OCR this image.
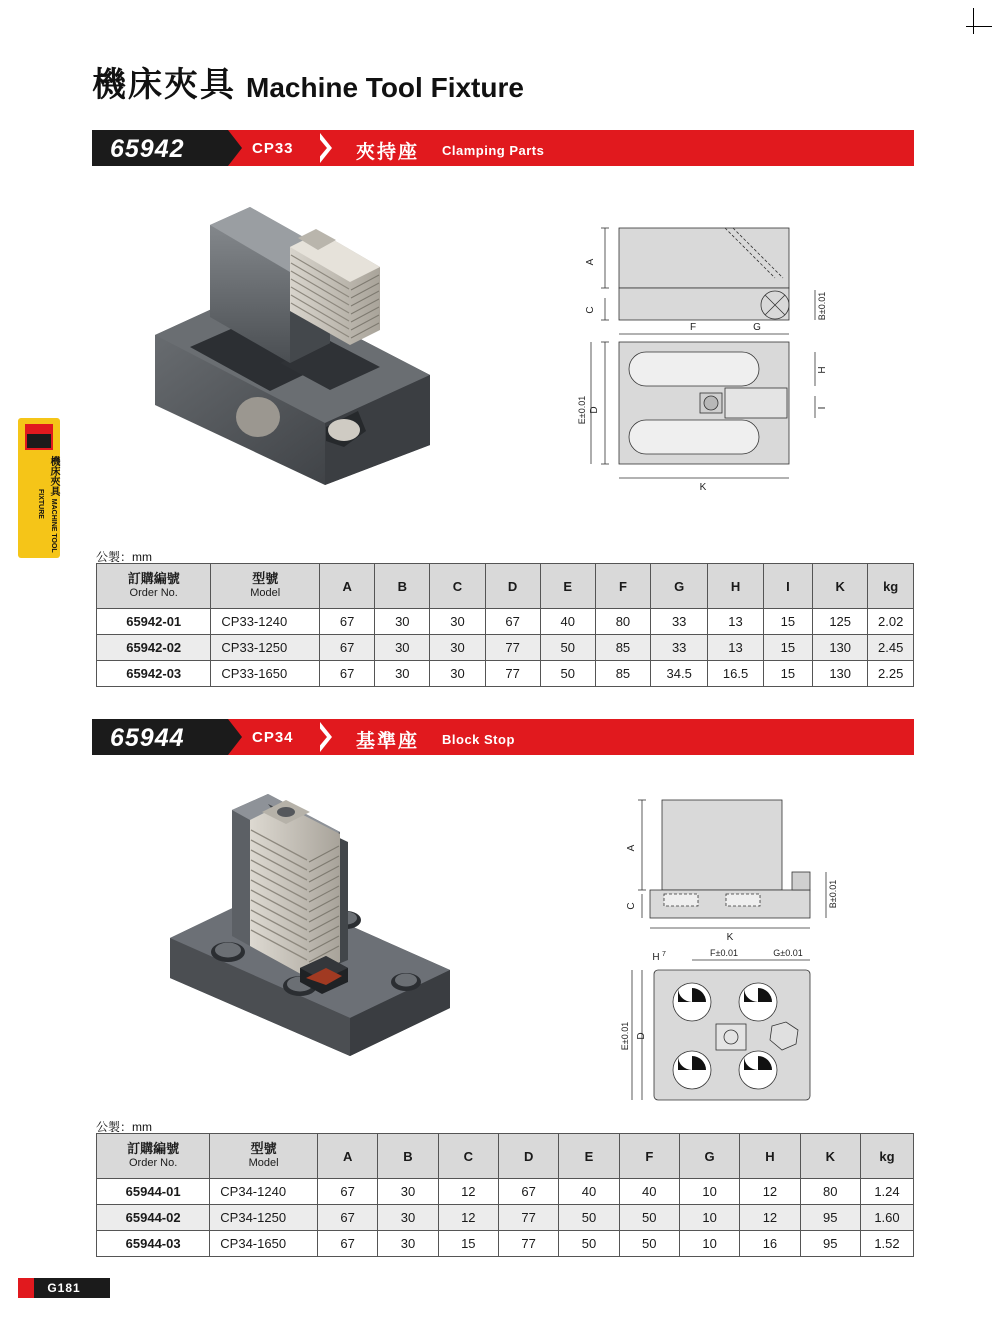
機床夾具 Machine Tool Fixture
機床夾具 MACHINE TOOL FIXTURE
65942	CP33	夾持座 Clamping Parts
A
C	B±0.01
F	G
H
I
D
E±0.01
K
公製：mm
訂購編號
Order No.	型號
Model	A	B	C	D	E	F	G	H	I	K	kg
65942-01	CP33-1240	67	30	30	67	40	80	33	13	15	125	2.02
65942-02	CP33-1250	67	30	30	77	50	85	33	13	15	130	2.45
65942-03	CP33-1650	67	30	30	77	50	85	34.5	16.5	15	130	2.25
65944	CP34	基準座 Block Stop
A
C	B±0.01
K
H 7	F±0.01	G±0.01
D
E±0.01
公製：mm
訂購編號
Order No.	型號
Model	A	B	C	D	E	F	G	H	K	kg
65944-01	CP34-1240	67	30	12	67	40	40	10	12	80	1.24
65944-02	CP34-1250	67	30	12	77	50	50	10	12	95	1.60
65944-03	CP34-1650	67	30	15	77	50	50	10	16	95	1.52
G181
